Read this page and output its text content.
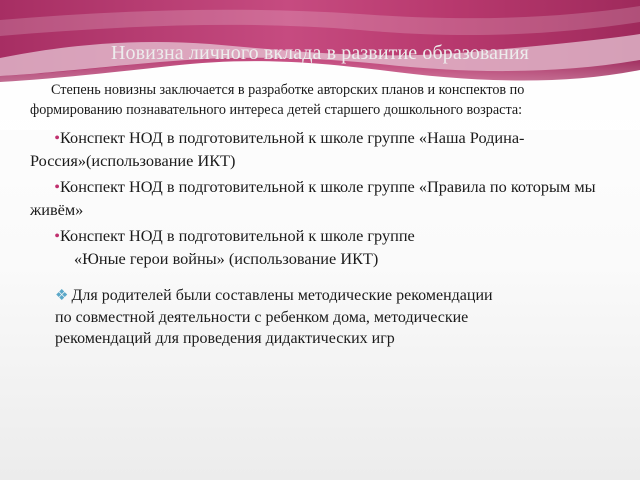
Новизна личного вклада в развитие образования
Степень новизны заключается в разработке авторских планов и конспектов по
формированию познавательного интереса детей старшего дошкольного возраста:
•Конспект НОД в подготовительной к школе группе «Наша Родина-Россия»(использование ИКТ)
•Конспект НОД в подготовительной к школе группе «Правила по которым мы живём»
•Конспект НОД в подготовительной к школе группе
«Юные герои войны» (использование ИКТ)
❖ Для родителей были составлены методические рекомендации
по совместной деятельности с ребенком дома, методические
рекомендаций для проведения дидактических игр
